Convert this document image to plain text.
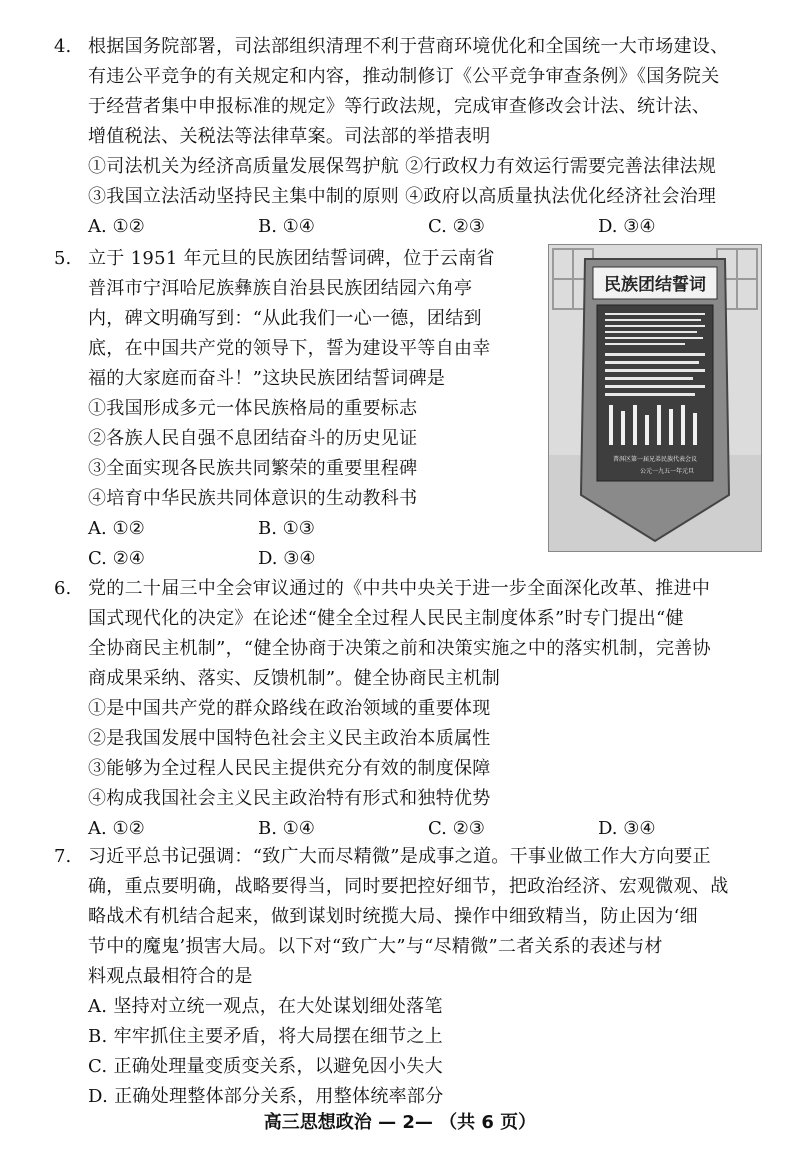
4. 根据国务院部署，司法部组织清理不利于营商环境优化和全国统一大市场建设、
有违公平竞争的有关规定和内容，推动制修订《公平竞争审查条例》《国务院关
于经营者集中申报标准的规定》等行政法规，完成审查修改会计法、统计法、
增值税法、关税法等法律草案。司法部的举措表明
①司法机关为经济高质量发展保驾护航 ②行政权力有效运行需要完善法律法规
③我国立法活动坚持民主集中制的原则 ④政府以高质量执法优化经济社会治理
A. ①②	B. ①④	C. ②③	D. ③④
5. 立于 1951 年元旦的民族团结誓词碑，位于云南省
普洱市宁洱哈尼族彝族自治县民族团结园六角亭
内，碑文明确写到：“从此我们一心一德，团结到
底，在中国共产党的领导下，誓为建设平等自由幸
福的大家庭而奋斗！”这块民族团结誓词碑是
①我国形成多元一体民族格局的重要标志
②各族人民自强不息团结奋斗的历史见证
③全面实现各民族共同繁荣的重要里程碑
④培育中华民族共同体意识的生动教科书
A. ①②	B. ①③
C. ②④	D. ③④
民族团结誓词
普洱区第一届兄弟民族代表会议
公元一九五一年元旦
6. 党的二十届三中全会审议通过的《中共中央关于进一步全面深化改革、推进中
国式现代化的决定》在论述“健全全过程人民民主制度体系”时专门提出“健
全协商民主机制”，“健全协商于决策之前和决策实施之中的落实机制，完善协
商成果采纳、落实、反馈机制”。健全协商民主机制
①是中国共产党的群众路线在政治领域的重要体现
②是我国发展中国特色社会主义民主政治本质属性
③能够为全过程人民民主提供充分有效的制度保障
④构成我国社会主义民主政治特有形式和独特优势
A. ①②	B. ①④	C. ②③	D. ③④
7. 习近平总书记强调：“致广大而尽精微”是成事之道。干事业做工作大方向要正
确，重点要明确，战略要得当，同时要把控好细节，把政治经济、宏观微观、战
略战术有机结合起来，做到谋划时统揽大局、操作中细致精当，防止因为‘细
节中的魔鬼’损害大局。以下对“致广大”与“尽精微”二者关系的表述与材
料观点最相符合的是
A. 坚持对立统一观点，在大处谋划细处落笔
B. 牢牢抓住主要矛盾，将大局摆在细节之上
C. 正确处理量变质变关系，以避免因小失大
D. 正确处理整体部分关系，用整体统率部分
高三思想政治 — 2— （共 6 页）
